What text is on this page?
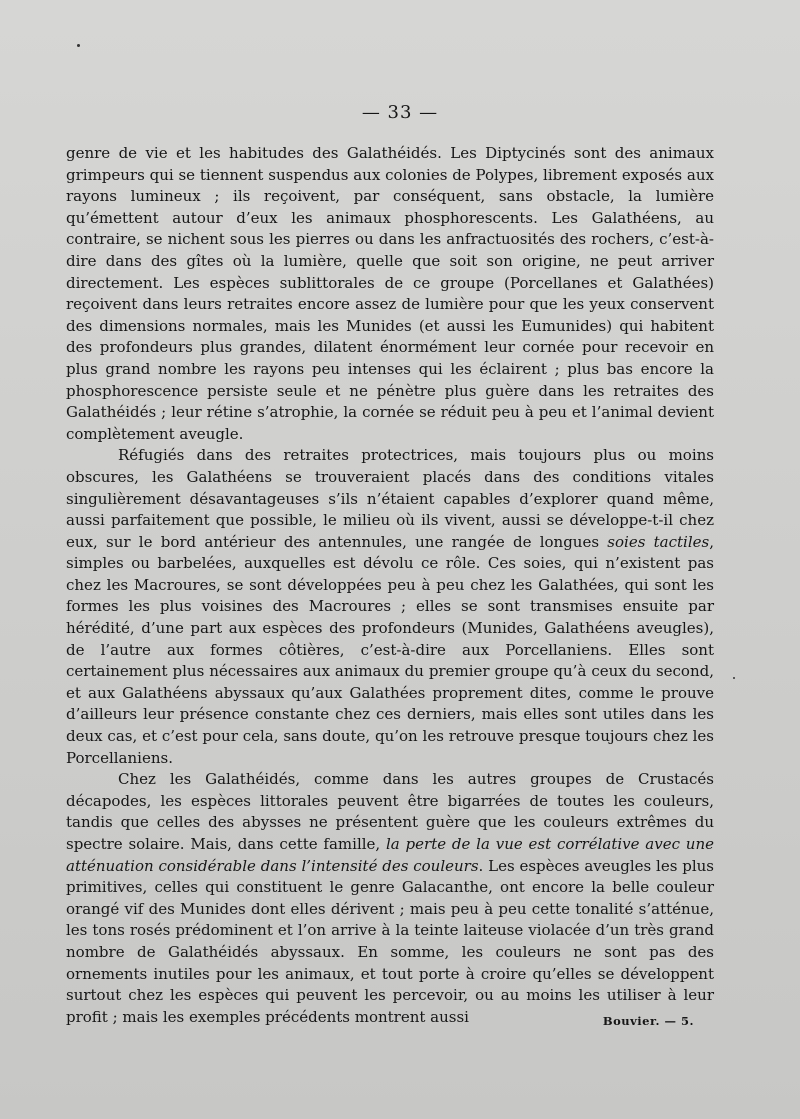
— 33 —

genre de vie et les habitudes des Galathéidés. Les Diptycinés sont des animaux grimpeurs qui se tiennent suspendus aux colonies de Polypes, librement exposés aux rayons lumineux ; ils reçoivent, par conséquent, sans obstacle, la lumière qu’émettent autour d’eux les animaux phosphorescents. Les Galathéens, au contraire, se nichent sous les pierres ou dans les anfractuosités des rochers, c’est-à-dire dans des gîtes où la lumière, quelle que soit son origine, ne peut arriver directement. Les espèces sublittorales de ce groupe (Porcellanes et Galathées) reçoivent dans leurs retraites encore assez de lumière pour que les yeux conservent des dimensions normales, mais les Munides (et aussi les Eumunides) qui habitent des profondeurs plus grandes, dilatent énormément leur cornée pour recevoir en plus grand nombre les rayons peu intenses qui les éclairent ; plus bas encore la phosphorescence persiste seule et ne pénètre plus guère dans les retraites des Galathéidés ; leur rétine s’atrophie, la cornée se réduit peu à peu et l’animal devient complètement aveugle.

Réfugiés dans des retraites protectrices, mais toujours plus ou moins obscures, les Galathéens se trouveraient placés dans des conditions vitales singulièrement désavantageuses s’ils n’étaient capables d’explorer quand même, aussi parfaitement que possible, le milieu où ils vivent, aussi se développe-t-il chez eux, sur le bord antérieur des antennules, une rangée de longues soies tactiles, simples ou barbelées, auxquelles est dévolu ce rôle. Ces soies, qui n’existent pas chez les Macroures, se sont développées peu à peu chez les Galathées, qui sont les formes les plus voisines des Macroures ; elles se sont transmises ensuite par hérédité, d’une part aux espèces des profondeurs (Munides, Galathéens aveugles), de l’autre aux formes côtières, c’est-à-dire aux Porcellaniens. Elles sont certainement plus nécessaires aux animaux du premier groupe qu’à ceux du second, et aux Galathéens abyssaux qu’aux Galathées proprement dites, comme le prouve d’ailleurs leur présence constante chez ces derniers, mais elles sont utiles dans les deux cas, et c’est pour cela, sans doute, qu’on les retrouve presque toujours chez les Porcellaniens.

Chez les Galathéidés, comme dans les autres groupes de Crustacés décapodes, les espèces littorales peuvent être bigarrées de toutes les couleurs, tandis que celles des abysses ne présentent guère que les couleurs extrêmes du spectre solaire. Mais, dans cette famille, la perte de la vue est corrélative avec une atténuation considérable dans l’intensité des couleurs. Les espèces aveugles les plus primitives, celles qui constituent le genre Galacanthe, ont encore la belle couleur orangé vif des Munides dont elles dérivent ; mais peu à peu cette tonalité s’atténue, les tons rosés prédominent et l’on arrive à la teinte laiteuse violacée d’un très grand nombre de Galathéidés abyssaux. En somme, les couleurs ne sont pas des ornements inutiles pour les animaux, et tout porte à croire qu’elles se développent surtout chez les espèces qui peuvent les percevoir, ou au moins les utiliser à leur profit ; mais les exemples précédents montrent aussi	Bouvier. — 5.
